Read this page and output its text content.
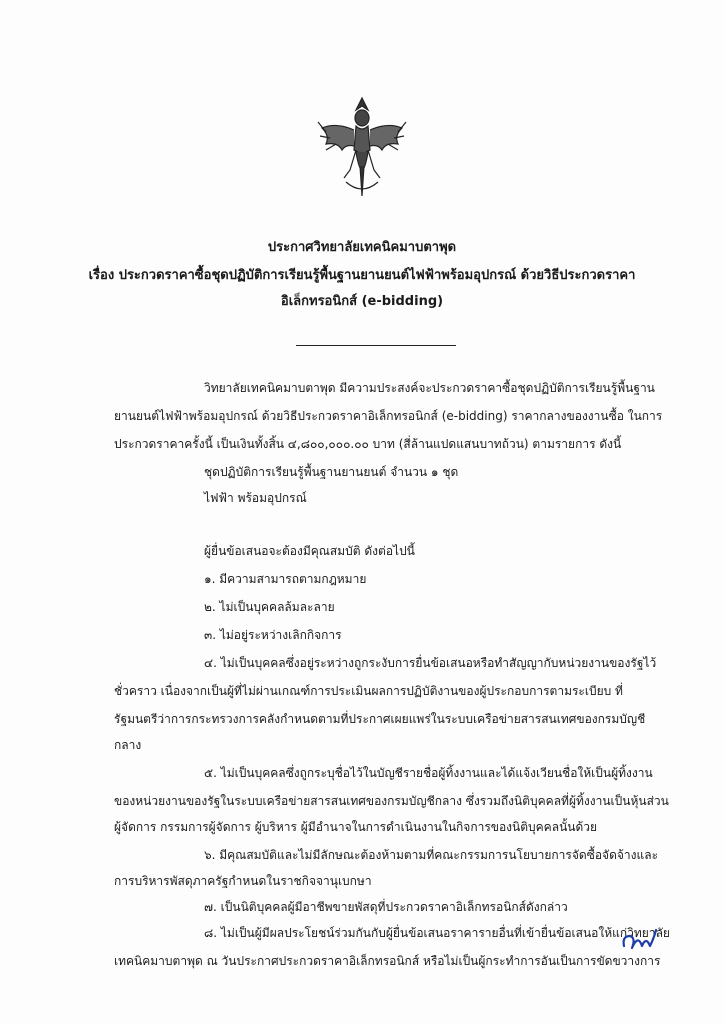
ประกาศวิทยาลัยเทคนิคมาบตาพุด
เรื่อง ประกวดราคาซื้อชุดปฏิบัติการเรียนรู้พื้นฐานยานยนต์ไฟฟ้าพร้อมอุปกรณ์ ด้วยวิธีประกวดราคา
อิเล็กทรอนิกส์ (e-bidding)
วิทยาลัยเทคนิคมาบตาพุด มีความประสงค์จะประกวดราคาซื้อชุดปฏิบัติการเรียนรู้พื้นฐาน
ยานยนต์ไฟฟ้าพร้อมอุปกรณ์ ด้วยวิธีประกวดราคาอิเล็กทรอนิกส์ (e-bidding) ราคากลางของงานซื้อ ในการ
ประกวดราคาครั้งนี้ เป็นเงินทั้งสิ้น ๔,๘๐๐,๐๐๐.๐๐ บาท (สี่ล้านแปดแสนบาทถ้วน) ตามรายการ ดังนี้
ชุดปฏิบัติการเรียนรู้พื้นฐานยานยนต์ จำนวน ๑ ชุด
ไฟฟ้า พร้อมอุปกรณ์
ผู้ยื่นข้อเสนอจะต้องมีคุณสมบัติ ดังต่อไปนี้
๑. มีความสามารถตามกฎหมาย
๒. ไม่เป็นบุคคลล้มละลาย
๓. ไม่อยู่ระหว่างเลิกกิจการ
๔. ไม่เป็นบุคคลซึ่งอยู่ระหว่างถูกระงับการยื่นข้อเสนอหรือทำสัญญากับหน่วยงานของรัฐไว้
ชั่วคราว เนื่องจากเป็นผู้ที่ไม่ผ่านเกณฑ์การประเมินผลการปฏิบัติงานของผู้ประกอบการตามระเบียบ ที่
รัฐมนตรีว่าการกระทรวงการคลังกำหนดตามที่ประกาศเผยแพร่ในระบบเครือข่ายสารสนเทศของกรมบัญชี
กลาง
๕. ไม่เป็นบุคคลซึ่งถูกระบุชื่อไว้ในบัญชีรายชื่อผู้ทิ้งงานและได้แจ้งเวียนชื่อให้เป็นผู้ทิ้งงาน
ของหน่วยงานของรัฐในระบบเครือข่ายสารสนเทศของกรมบัญชีกลาง ซึ่งรวมถึงนิติบุคคลที่ผู้ทิ้งงานเป็นหุ้นส่วน
ผู้จัดการ กรรมการผู้จัดการ ผู้บริหาร ผู้มีอำนาจในการดำเนินงานในกิจการของนิติบุคคลนั้นด้วย
๖. มีคุณสมบัติและไม่มีลักษณะต้องห้ามตามที่คณะกรรมการนโยบายการจัดซื้อจัดจ้างและ
การบริหารพัสดุภาครัฐกำหนดในราชกิจจานุเบกษา
๗. เป็นนิติบุคคลผู้มีอาชีพขายพัสดุที่ประกวดราคาอิเล็กทรอนิกส์ดังกล่าว
๘. ไม่เป็นผู้มีผลประโยชน์ร่วมกันกับผู้ยื่นข้อเสนอราคารายอื่นที่เข้ายื่นข้อเสนอให้แก่วิทยาลัย
เทคนิคมาบตาพุด ณ วันประกาศประกวดราคาอิเล็กทรอนิกส์ หรือไม่เป็นผู้กระทำการอันเป็นการขัดขวางการ
